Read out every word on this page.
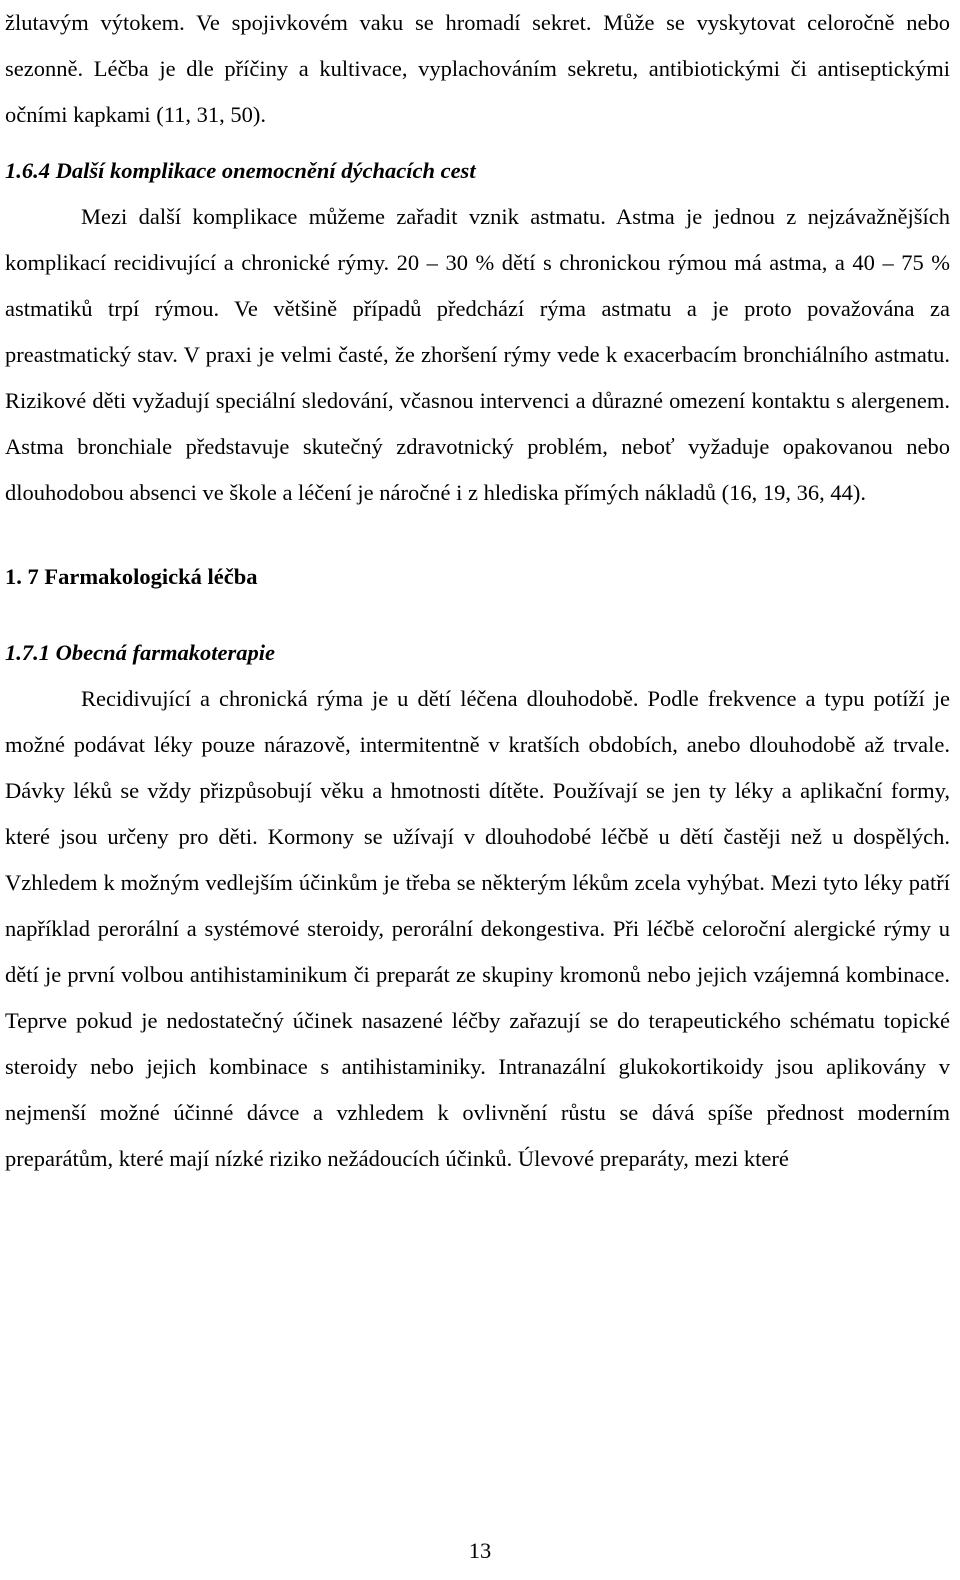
žlutavým výtokem. Ve spojivkovém vaku se hromadí sekret. Může se vyskytovat celoročně nebo sezonně. Léčba je dle příčiny a kultivace, vyplachováním sekretu, antibiotickými či antiseptickými očními kapkami (11, 31, 50).

1.6.4 Další komplikace onemocnění dýchacích cest

Mezi další komplikace můžeme zařadit vznik astmatu. Astma je jednou z nejzávažnějších komplikací recidivující a chronické rýmy. 20 – 30 % dětí s chronickou rýmou má astma, a 40 – 75 % astmatiků trpí rýmou. Ve většině případů předchází rýma astmatu a je proto považována za preastmatický stav. V praxi je velmi časté, že zhoršení rýmy vede k exacerbacím bronchiálního astmatu. Rizikové děti vyžadují speciální sledování, včasnou intervenci a důrazné omezení kontaktu s alergenem. Astma bronchiale představuje skutečný zdravotnický problém, neboť vyžaduje opakovanou nebo dlouhodobou absenci ve škole a léčení je náročné i z hlediska přímých nákladů (16, 19, 36, 44).

1. 7 Farmakologická léčba
1.7.1 Obecná farmakoterapie

Recidivující a chronická rýma je u dětí léčena dlouhodobě. Podle frekvence a typu potíží je možné podávat léky pouze nárazově, intermitentně v kratších obdobích, anebo dlouhodobě až trvale. Dávky léků se vždy přizpůsobují věku a hmotnosti dítěte. Používají se jen ty léky a aplikační formy, které jsou určeny pro děti. Kormony se užívají v dlouhodobé léčbě u dětí častěji než u dospělých. Vzhledem k možným vedlejším účinkům je třeba se některým lékům zcela vyhýbat. Mezi tyto léky patří například perorální a systémové steroidy, perorální dekongestiva. Při léčbě celoroční alergické rýmy u dětí je první volbou antihistaminikum či preparát ze skupiny kromonů nebo jejich vzájemná kombinace. Teprve pokud je nedostatečný účinek nasazené léčby zařazují se do terapeutického schématu topické steroidy nebo jejich kombinace s antihistaminiky. Intranazální glukokortikoidy jsou aplikovány v nejmenší možné účinné dávce a vzhledem k ovlivnění růstu se dává spíše přednost moderním preparátům, které mají nízké riziko nežádoucích účinků. Úlevové preparáty, mezi které

13
